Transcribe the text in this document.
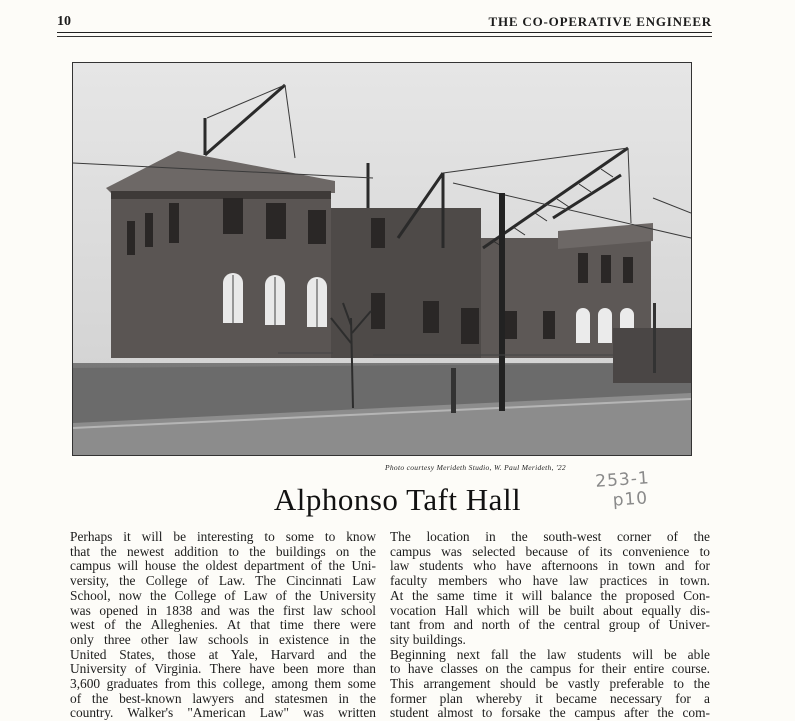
10	THE CO-OPERATIVE ENGINEER
Photo courtesy Merideth Studio, W. Paul Merideth, '22
253-1
p10
Alphonso Taft Hall
Perhaps it will be interesting to some to know
that the newest addition to the buildings on the
campus will house the oldest department of the Uni-
versity, the College of Law. The Cincinnati Law
School, now the College of Law of the University
was opened in 1838 and was the first law school
west of the Alleghenies. At that time there were
only three other law schools in existence in the
United States, those at Yale, Harvard and the
University of Virginia. There have been more than
3,600 graduates from this college, among them some
of the best-known lawyers and statesmen in the
country. Walker's "American Law" was written
The location in the south-west corner of the
campus was selected because of its convenience to
law students who have afternoons in town and for
faculty members who have law practices in town.
At the same time it will balance the proposed Con-
vocation Hall which will be built about equally dis-
tant from and north of the central group of Univer-
sity buildings.
Beginning next fall the law students will be able
to have classes on the campus for their entire course.
This arrangement should be vastly preferable to the
former plan whereby it became necessary for a
student almost to forsake the campus after the com-
